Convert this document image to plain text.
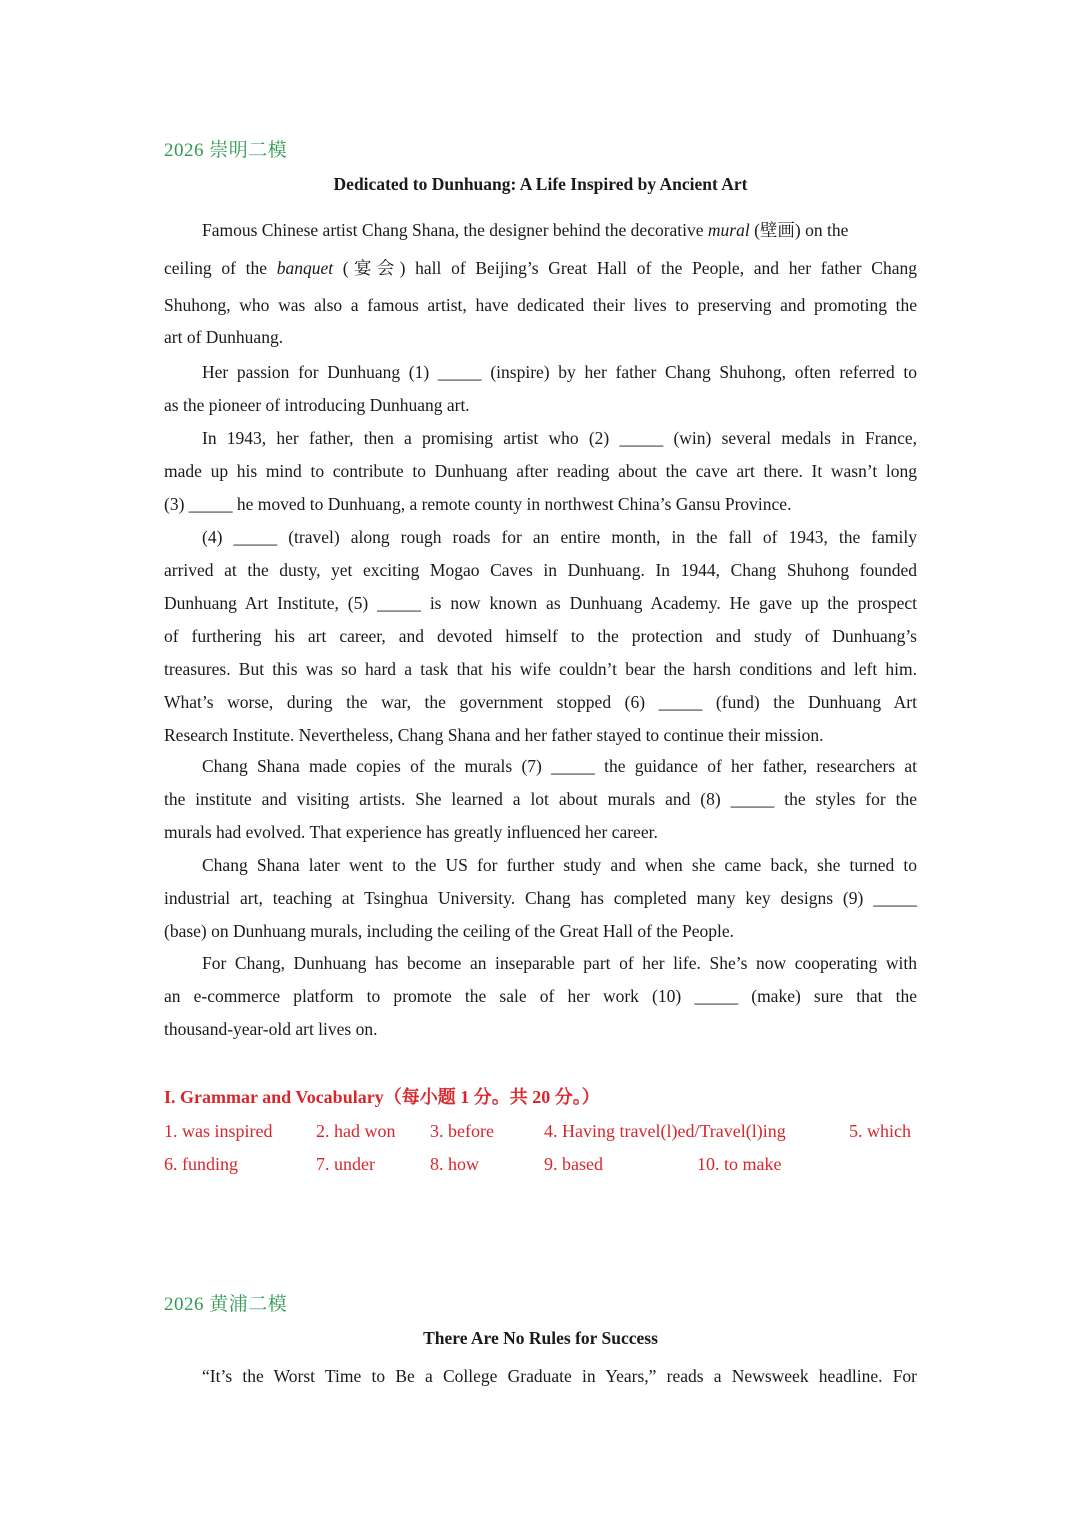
2026 崇明二模
Dedicated to Dunhuang: A Life Inspired by Ancient Art
Famous Chinese artist Chang Shana, the designer behind the decorative mural (壁画) on the
ceiling of the banquet (宴会) hall of Beijing’s Great Hall of the People, and her father Chang
Shuhong, who was also a famous artist, have dedicated their lives to preserving and promoting the
art of Dunhuang.
Her passion for Dunhuang (1) _____ (inspire) by her father Chang Shuhong, often referred to
as the pioneer of introducing Dunhuang art.
In 1943, her father, then a promising artist who (2) _____ (win) several medals in France,
made up his mind to contribute to Dunhuang after reading about the cave art there. It wasn’t long
(3) _____ he moved to Dunhuang, a remote county in northwest China’s Gansu Province.
(4) _____ (travel) along rough roads for an entire month, in the fall of 1943, the family
arrived at the dusty, yet exciting Mogao Caves in Dunhuang. In 1944, Chang Shuhong founded
Dunhuang Art Institute, (5) _____ is now known as Dunhuang Academy. He gave up the prospect
of furthering his art career, and devoted himself to the protection and study of Dunhuang’s
treasures. But this was so hard a task that his wife couldn’t bear the harsh conditions and left him.
What’s worse, during the war, the government stopped (6) _____ (fund) the Dunhuang Art
Research Institute. Nevertheless, Chang Shana and her father stayed to continue their mission.
Chang Shana made copies of the murals (7) _____ the guidance of her father, researchers at
the institute and visiting artists. She learned a lot about murals and (8) _____ the styles for the
murals had evolved. That experience has greatly influenced her career.
Chang Shana later went to the US for further study and when she came back, she turned to
industrial art, teaching at Tsinghua University. Chang has completed many key designs (9) _____
(base) on Dunhuang murals, including the ceiling of the Great Hall of the People.
For Chang, Dunhuang has become an inseparable part of her life. She’s now cooperating with
an e-commerce platform to promote the sale of her work (10) _____ (make) sure that the
thousand-year-old art lives on.
I. Grammar and Vocabulary（每小题 1 分。共 20 分。）
1. was inspired 2. had won 3. before	4. Having travel(l)ed/Travel(l)ing	5. which
6. funding	7. under	8. how	9. based	10. to make
2026 黄浦二模
There Are No Rules for Success
“It’s the Worst Time to Be a College Graduate in Years,” reads a Newsweek headline. For
